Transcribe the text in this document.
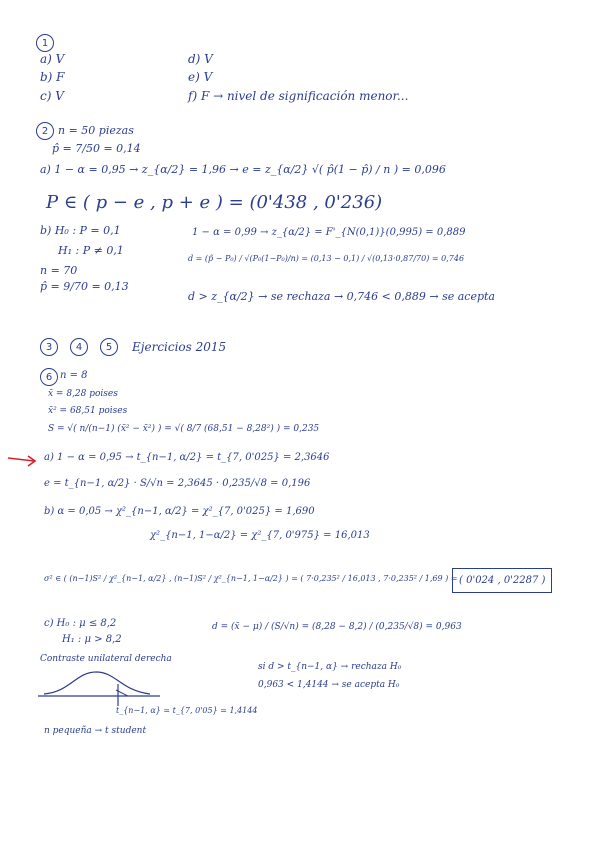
1
a) V
b) F
c) V
d) V
e) V
f) F → nivel de significación menor...
2 n = 50 piezas
p̂ = 7/50 = 0,14
a) 1 − α = 0,95 → z_{α/2} = 1,96 → e = z_{α/2} √( p̂(1 − p̂) / n ) = 0,096
P ∈ ( p − e , p + e ) = (0'438 , 0'236)
b) H₀ : P = 0,1
H₁ : P ≠ 0,1
n = 70
p̂ = 9/70 = 0,13
1 − α = 0,99 → z_{α/2} = F'_{N(0,1)}(0,995) = 0,889
d = (p̂ − P₀) / √(P₀(1−P₀)/n) = (0,13 − 0,1) / √(0,13·0,87/70) = 0,746
d > z_{α/2} → se rechaza → 0,746 < 0,889 → se acepta
3	4	5	Ejercicios 2015
6 n = 8
x̄ = 8,28 poises
x̄² = 68,51 poises
S = √( n/(n−1) (x̄² − x̄²) ) = √( 8/7 (68,51 − 8,28²) ) = 0,235
a) 1 − α = 0,95 → t_{n−1, α/2} = t_{7, 0'025} = 2,3646
e = t_{n−1, α/2} · S/√n = 2,3645 · 0,235/√8 = 0,196
b) α = 0,05 → χ²_{n−1, α/2} = χ²_{7, 0'025} = 1,690
χ²_{n−1, 1−α/2} = χ²_{7, 0'975} = 16,013
σ² ∈ ( (n−1)S² / χ²_{n−1, α/2} , (n−1)S² / χ²_{n−1, 1−α/2} ) = ( 7·0,235² / 16,013 , 7·0,235² / 1,69 ) = ( 0'024 , 0'2287 )
c) H₀ : μ ≤ 8,2
H₁ : μ > 8,2
Contraste unilateral derecha
d = (x̄ − μ) / (S/√n) = (8,28 − 8,2) / (0,235/√8) = 0,963
si d > t_{n−1, α} → rechaza H₀
0,963 < 1,4144 → se acepta H₀
t_{n−1, α} = t_{7, 0'05} = 1,4144
n pequeña → t student
